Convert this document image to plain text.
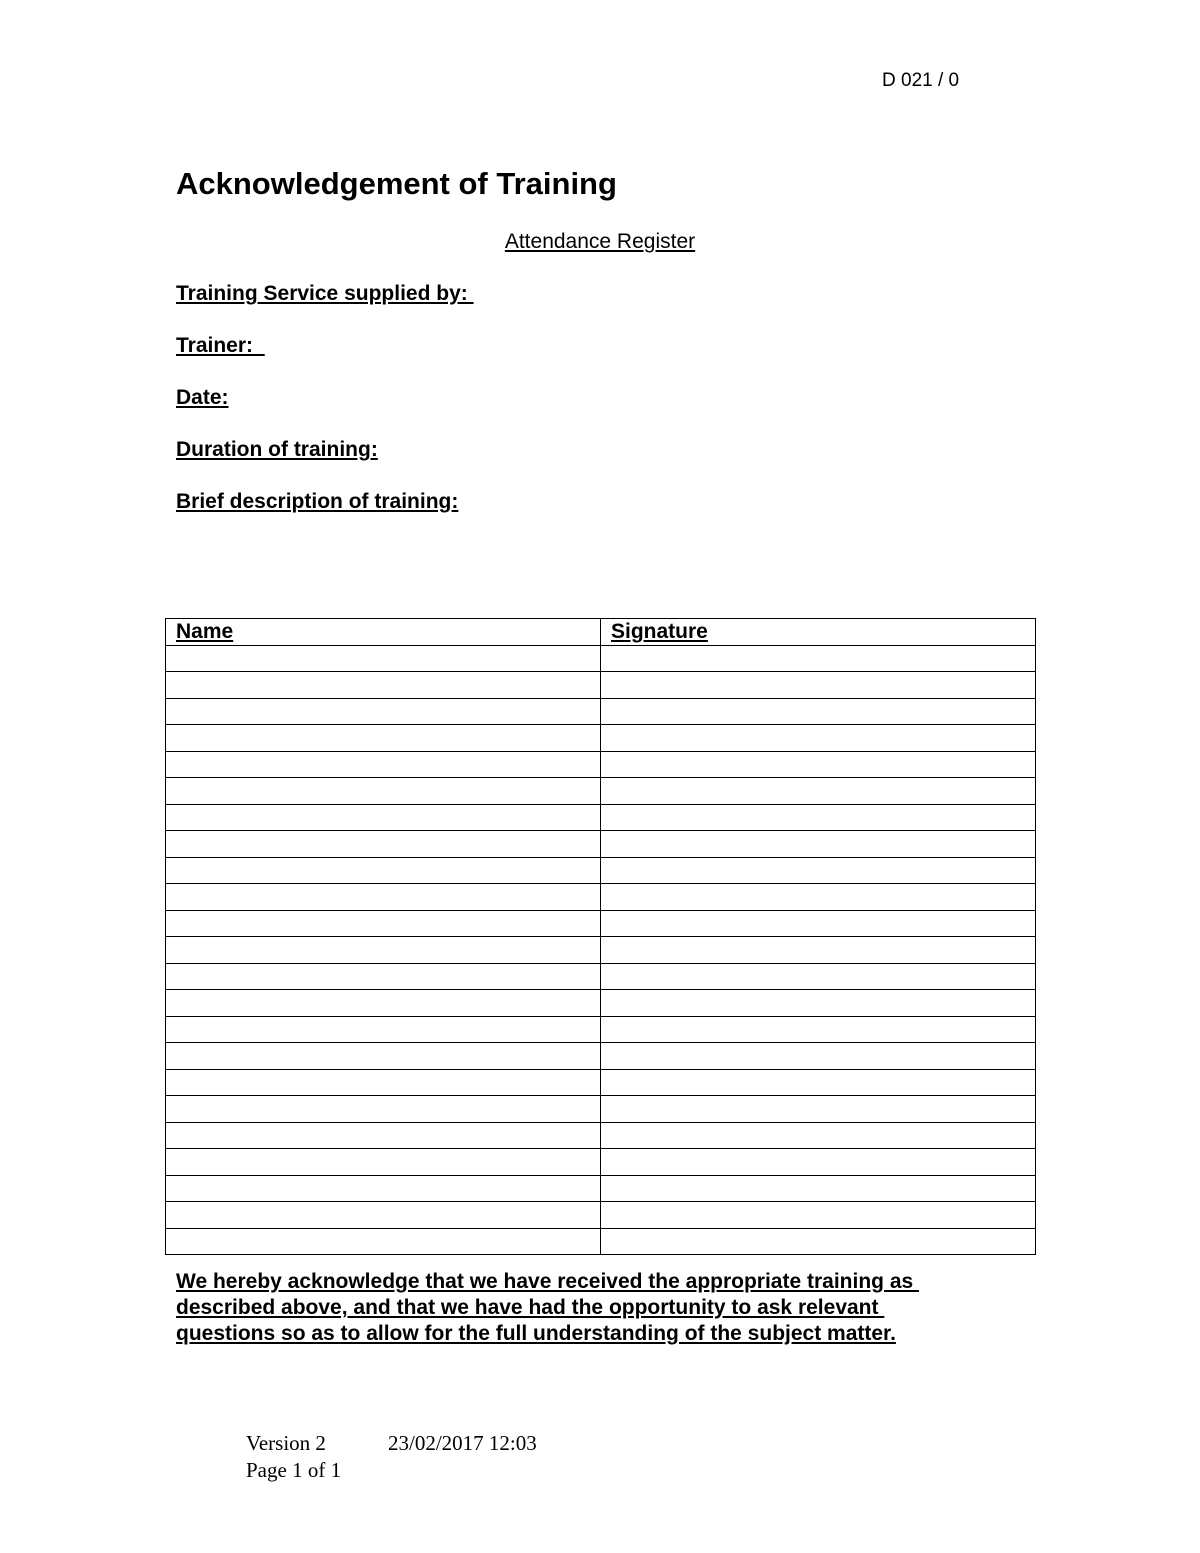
D 021 / 0
Acknowledgement of Training
Attendance Register
Training Service supplied by:
Trainer:
Date:
Duration of training:
Brief description of training:
Name	Signature

We hereby acknowledge that we have received the appropriate training as
described above, and that we have had the opportunity to ask relevant
questions so as to allow for the full understanding of the subject matter.
Version 2	23/02/2017 12:03
Page 1 of 1
